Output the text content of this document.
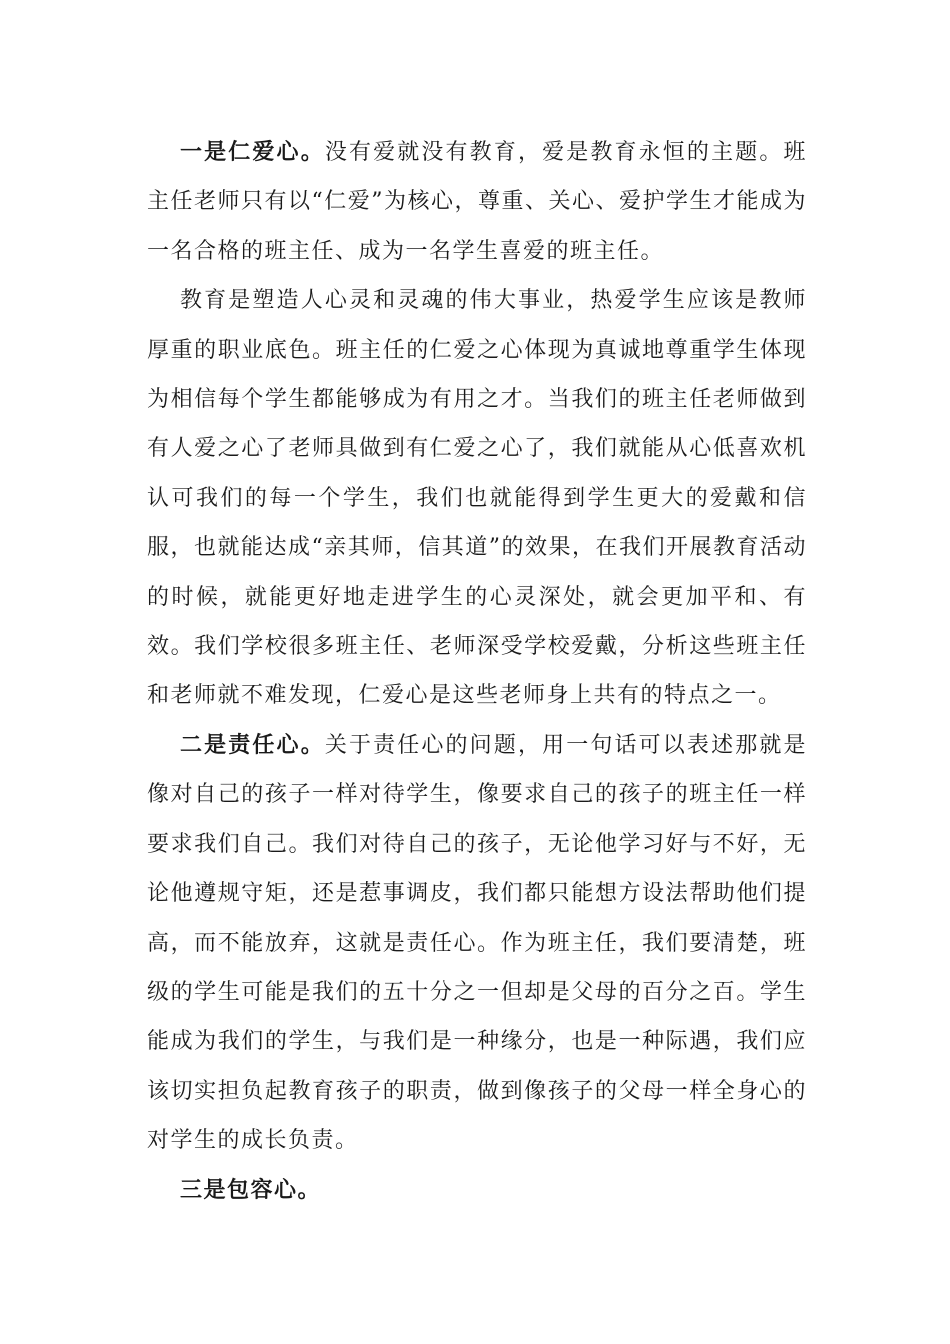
一是仁爱心。没有爱就没有教育，爱是教育永恒的主题。班主任老师只有以“仁爱”为核心，尊重、关心、爱护学生才能成为一名合格的班主任、成为一名学生喜爱的班主任。

教育是塑造人心灵和灵魂的伟大事业，热爱学生应该是教师厚重的职业底色。班主任的仁爱之心体现为真诚地尊重学生体现为相信每个学生都能够成为有用之才。当我们的班主任老师做到有人爱之心了老师具做到有仁爱之心了，我们就能从心低喜欢机认可我们的每一个学生，我们也就能得到学生更大的爱戴和信服，也就能达成“亲其师，信其道”的效果，在我们开展教育活动的时候，就能更好地走进学生的心灵深处，就会更加平和、有效。我们学校很多班主任、老师深受学校爱戴，分析这些班主任和老师就不难发现，仁爱心是这些老师身上共有的特点之一。

二是责任心。关于责任心的问题，用一句话可以表述那就是像对自己的孩子一样对待学生，像要求自己的孩子的班主任一样要求我们自己。我们对待自己的孩子，无论他学习好与不好，无论他遵规守矩，还是惹事调皮，我们都只能想方设法帮助他们提高，而不能放弃，这就是责任心。作为班主任，我们要清楚，班级的学生可能是我们的五十分之一但却是父母的百分之百。学生能成为我们的学生，与我们是一种缘分，也是一种际遇，我们应该切实担负起教育孩子的职责，做到像孩子的父母一样全身心的对学生的成长负责。

三是包容心。
